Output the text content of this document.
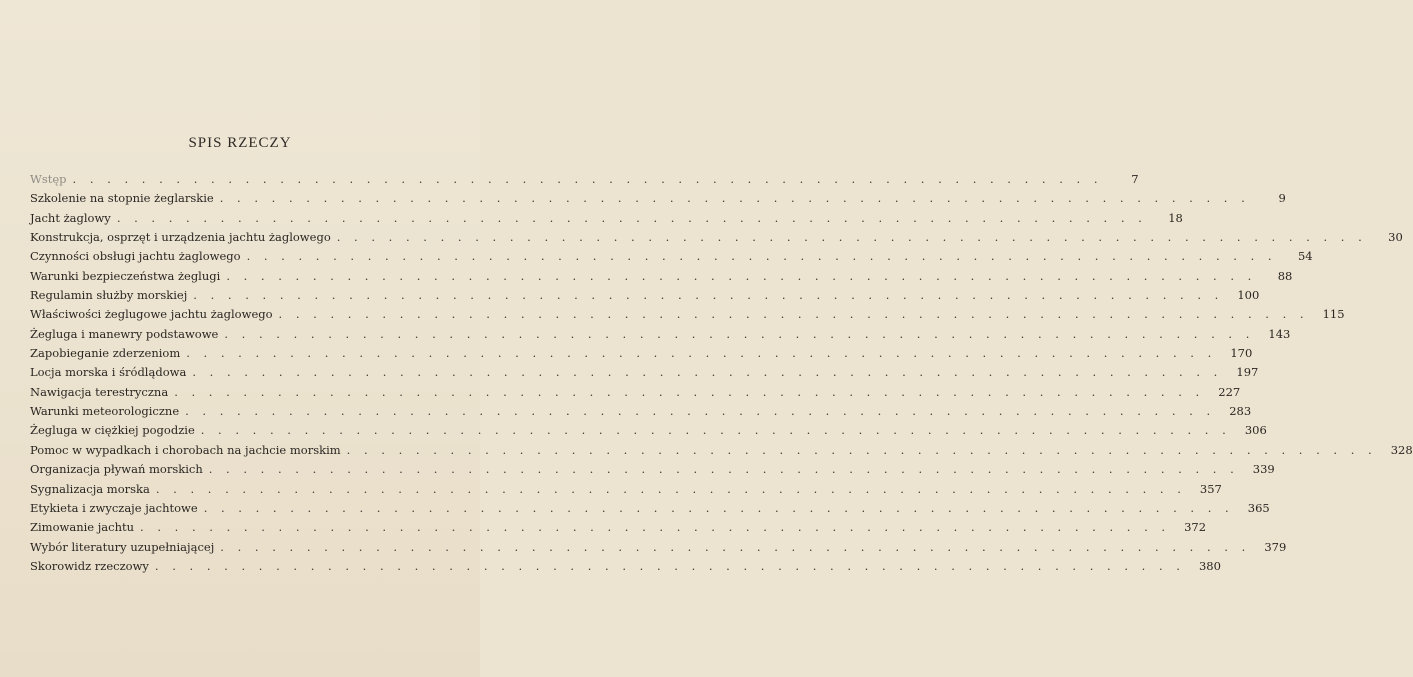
SPIS RZECZY
Wstęp . . . . . . . . . . . . . . . . . . . . . . . . . . . . . . . . . . . . . . . . . . . . . . . . . . . . . . . . . . . .	7
Szkolenie na stopnie żeglarskie . . . . . . . . . . . . . . . . . . . . . . . . . . . . . . . . . . . . . . . . . . . . . . . . . . . . . . . . . . . .	9
Jacht żaglowy . . . . . . . . . . . . . . . . . . . . . . . . . . . . . . . . . . . . . . . . . . . . . . . . . . . . . . . . . . . .	18
Konstrukcja, osprzęt i urządzenia jachtu żaglowego . . . . . . . . . . . . . . . . . . . . . . . . . . . . . . . . . . . . . . . . . . . . . . . . . . . . . . . . . . . .	30
Czynności obsługi jachtu żaglowego . . . . . . . . . . . . . . . . . . . . . . . . . . . . . . . . . . . . . . . . . . . . . . . . . . . . . . . . . . . .	54
Warunki bezpieczeństwa żeglugi . . . . . . . . . . . . . . . . . . . . . . . . . . . . . . . . . . . . . . . . . . . . . . . . . . . . . . . . . . . .	88
Regulamin służby morskiej . . . . . . . . . . . . . . . . . . . . . . . . . . . . . . . . . . . . . . . . . . . . . . . . . . . . . . . . . . . .	100
Właściwości żeglugowe jachtu żaglowego . . . . . . . . . . . . . . . . . . . . . . . . . . . . . . . . . . . . . . . . . . . . . . . . . . . . . . . . . . . .	115
Żegluga i manewry podstawowe . . . . . . . . . . . . . . . . . . . . . . . . . . . . . . . . . . . . . . . . . . . . . . . . . . . . . . . . . . . .	143
Zapobieganie zderzeniom . . . . . . . . . . . . . . . . . . . . . . . . . . . . . . . . . . . . . . . . . . . . . . . . . . . . . . . . . . . .	170
Locja morska i śródlądowa . . . . . . . . . . . . . . . . . . . . . . . . . . . . . . . . . . . . . . . . . . . . . . . . . . . . . . . . . . . .	197
Nawigacja terestryczna . . . . . . . . . . . . . . . . . . . . . . . . . . . . . . . . . . . . . . . . . . . . . . . . . . . . . . . . . . . .	227
Warunki meteorologiczne . . . . . . . . . . . . . . . . . . . . . . . . . . . . . . . . . . . . . . . . . . . . . . . . . . . . . . . . . . . .	283
Żegluga w ciężkiej pogodzie . . . . . . . . . . . . . . . . . . . . . . . . . . . . . . . . . . . . . . . . . . . . . . . . . . . . . . . . . . . .	306
Pomoc w wypadkach i chorobach na jachcie morskim . . . . . . . . . . . . . . . . . . . . . . . . . . . . . . . . . . . . . . . . . . . . . . . . . . . . . . . . . . . .	328
Organizacja pływań morskich . . . . . . . . . . . . . . . . . . . . . . . . . . . . . . . . . . . . . . . . . . . . . . . . . . . . . . . . . . . .	339
Sygnalizacja morska . . . . . . . . . . . . . . . . . . . . . . . . . . . . . . . . . . . . . . . . . . . . . . . . . . . . . . . . . . . .	357
Etykieta i zwyczaje jachtowe . . . . . . . . . . . . . . . . . . . . . . . . . . . . . . . . . . . . . . . . . . . . . . . . . . . . . . . . . . . .	365
Zimowanie jachtu . . . . . . . . . . . . . . . . . . . . . . . . . . . . . . . . . . . . . . . . . . . . . . . . . . . . . . . . . . . .	372
Wybór literatury uzupełniającej . . . . . . . . . . . . . . . . . . . . . . . . . . . . . . . . . . . . . . . . . . . . . . . . . . . . . . . . . . . .	379
Skorowidz rzeczowy . . . . . . . . . . . . . . . . . . . . . . . . . . . . . . . . . . . . . . . . . . . . . . . . . . . . . . . . . . . .	380
